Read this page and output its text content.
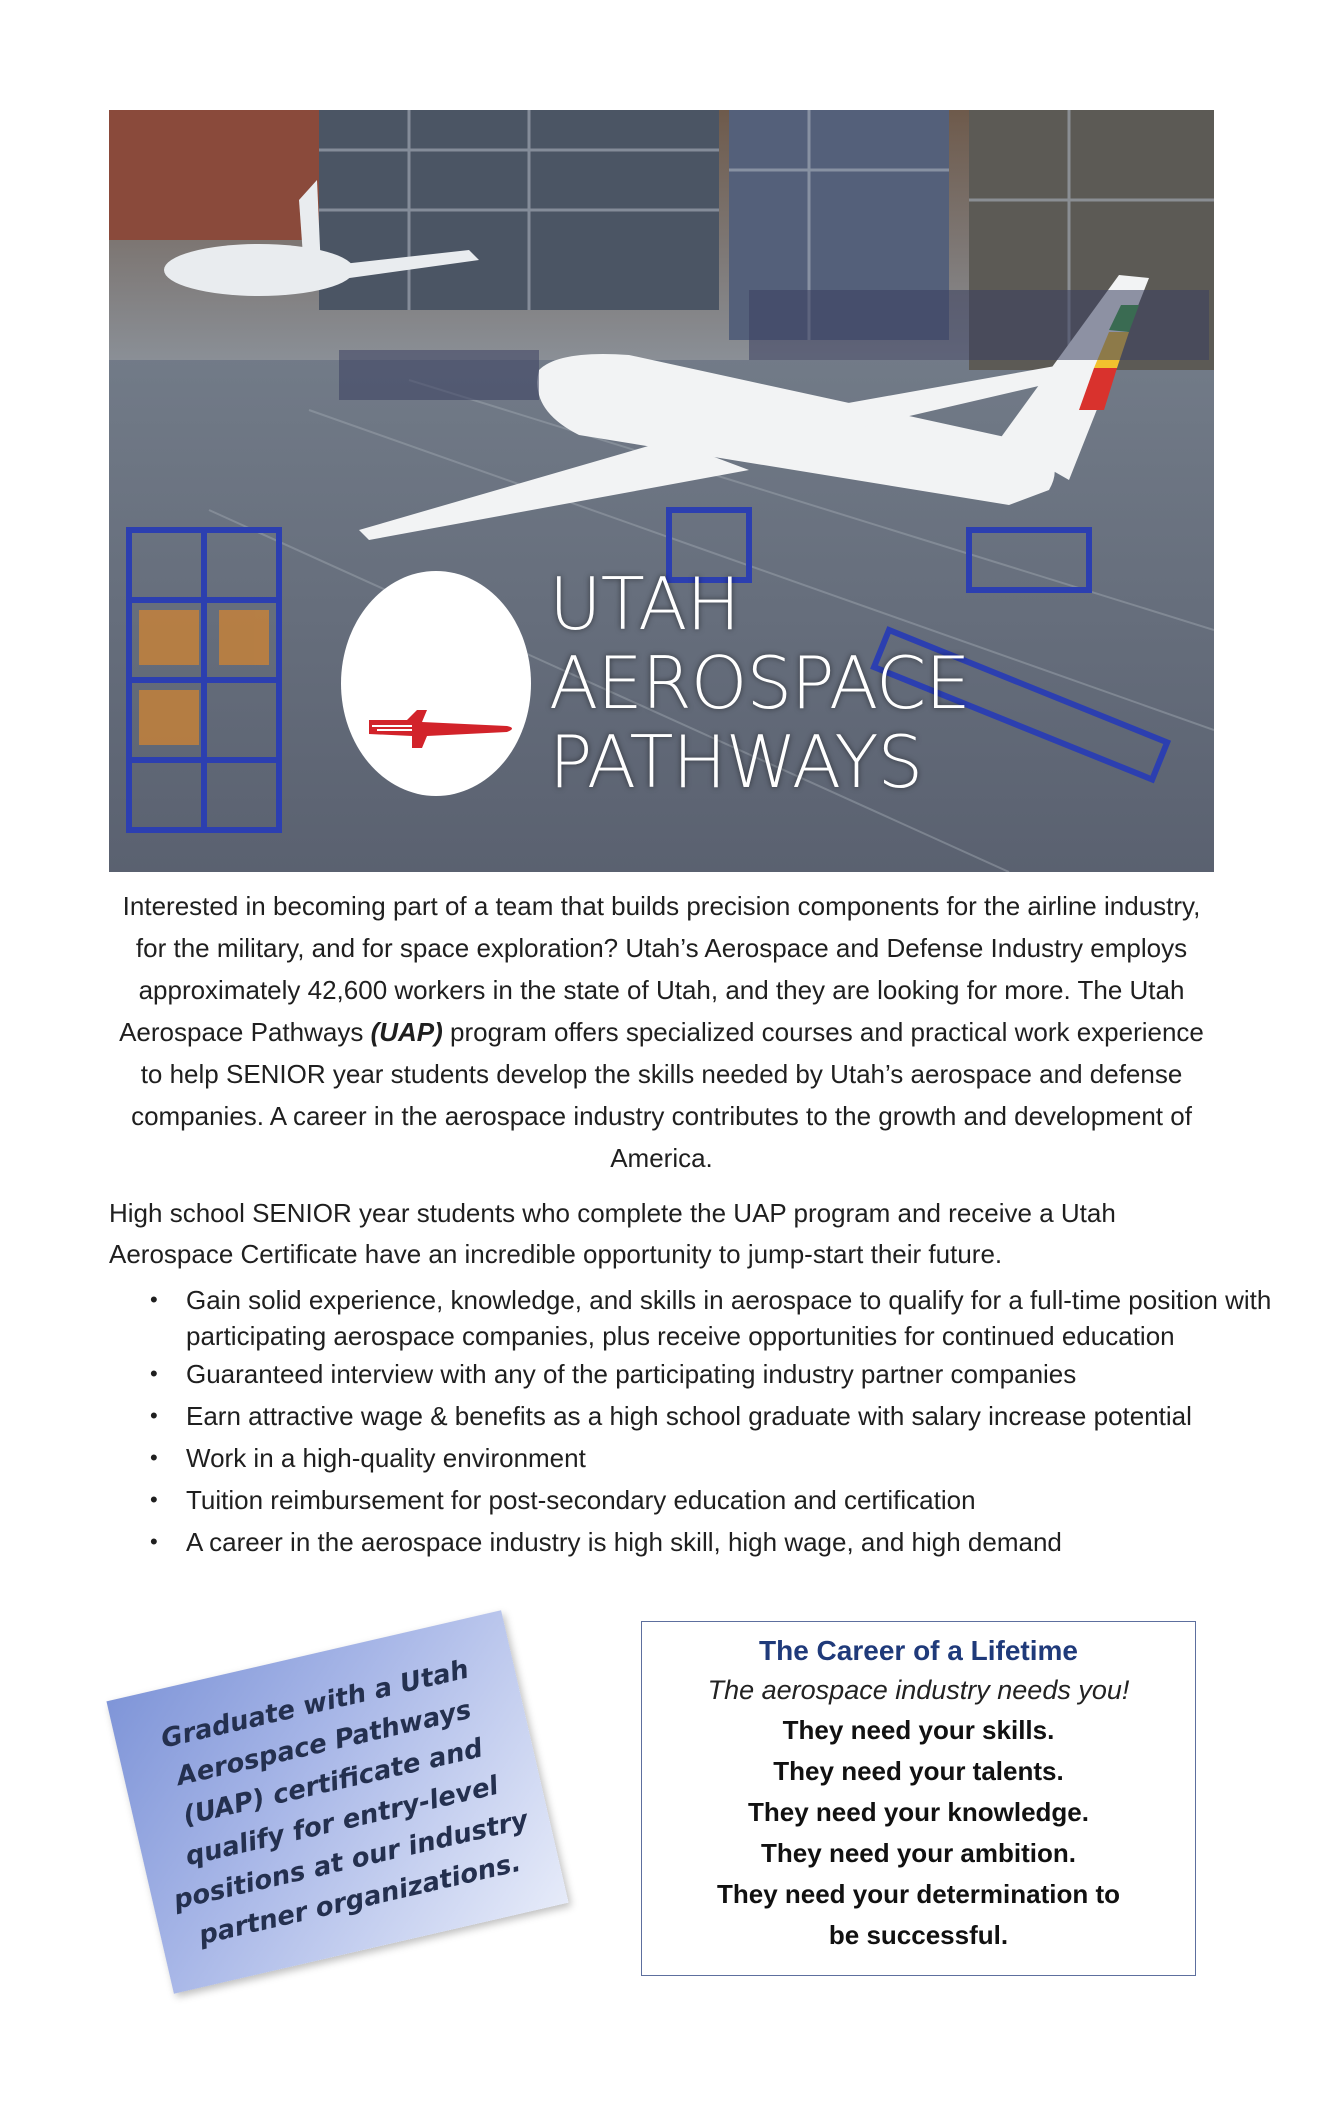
UTAH
AEROSPACE
PATHWAYS
Interested in becoming part of a team that builds precision components for the airline industry, for the military, and for space exploration? Utah’s Aerospace and Defense Industry employs approximately 42,600 workers in the state of Utah, and they are looking for more. The Utah Aerospace Pathways (UAP) program offers specialized courses and practical work experience to help SENIOR year students develop the skills needed by Utah’s aerospace and defense companies. A career in the aerospace industry contributes to the growth and development of America.
High school SENIOR year students who complete the UAP program and receive a Utah Aerospace Certificate have an incredible opportunity to jump-start their future.
• Gain solid experience, knowledge, and skills in aerospace to qualify for a full-time position with participating aerospace companies, plus receive opportunities for continued education
• Guaranteed interview with any of the participating industry partner companies
• Earn attractive wage & benefits as a high school graduate with salary increase potential
• Work in a high-quality environment
• Tuition reimbursement for post-secondary education and certification
• A career in the aerospace industry is high skill, high wage, and high demand
Graduate with a Utah Aerospace Pathways (UAP) certificate and qualify for entry-level positions at our industry partner organizations.
The Career of a Lifetime
The aerospace industry needs you!
They need your skills.
They need your talents.
They need your knowledge.
They need your ambition.
They need your determination to
be successful.
